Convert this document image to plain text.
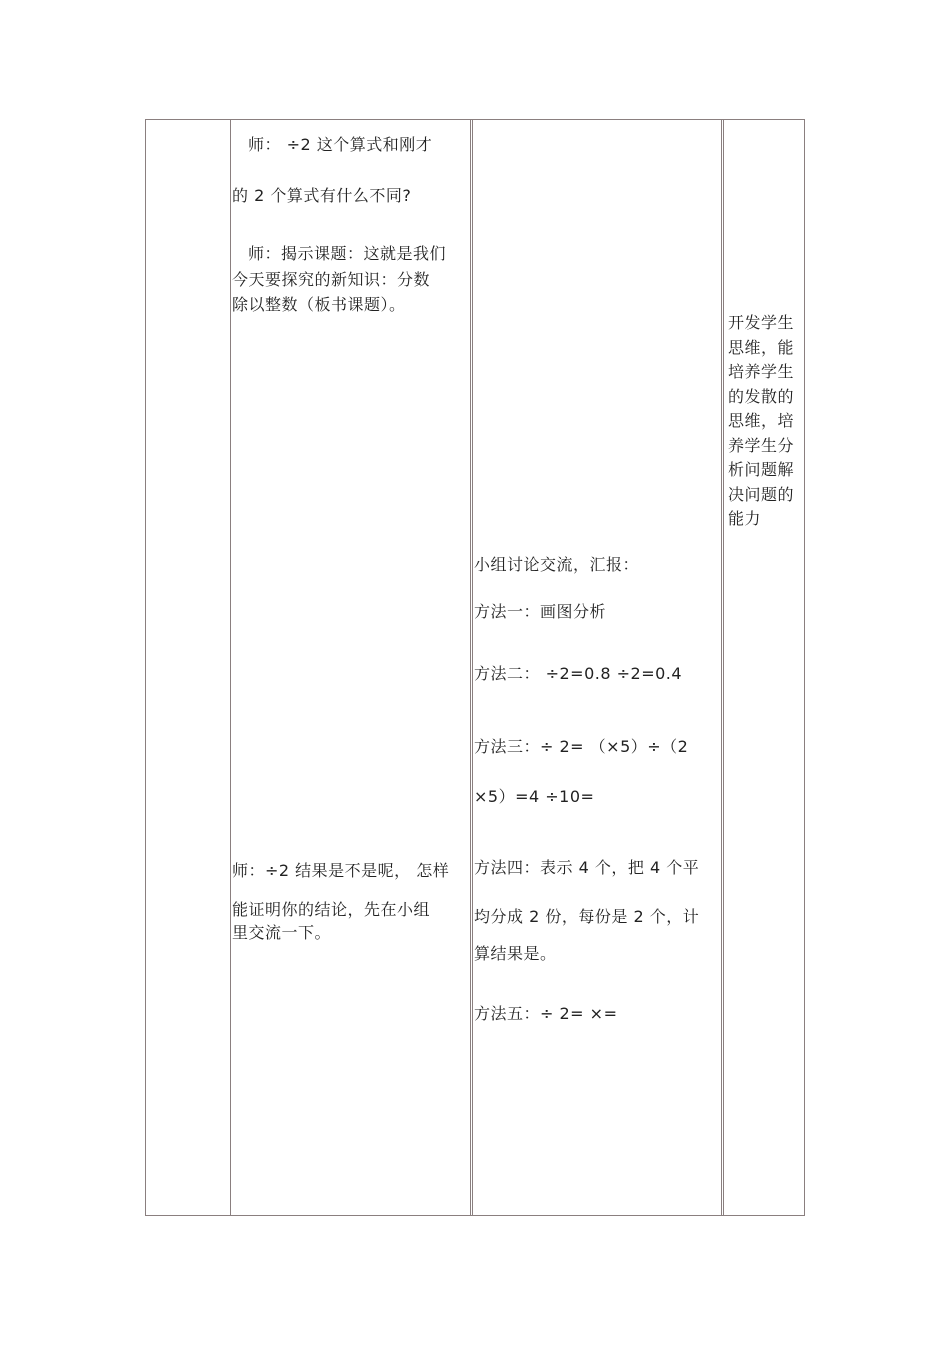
师： ÷2 这个算式和刚才
的 2 个算式有什么不同?
师：揭示课题：这就是我们
今天要探究的新知识：分数
除以整数（板书课题）。
师：÷2 结果是不是呢， 怎样
能证明你的结论，先在小组
里交流一下。
小组讨论交流，汇报：
方法一：画图分析
方法二： ÷2=0.8 ÷2=0.4
方法三：÷ 2= （×5）÷（2
×5）=4 ÷10=
方法四：表示 4 个，把 4 个平
均分成 2 份，每份是 2 个，计
算结果是。
方法五：÷ 2= ×=
开发学生思维，能培养学生的发散的思维，培养学生分析问题解决问题的能力
